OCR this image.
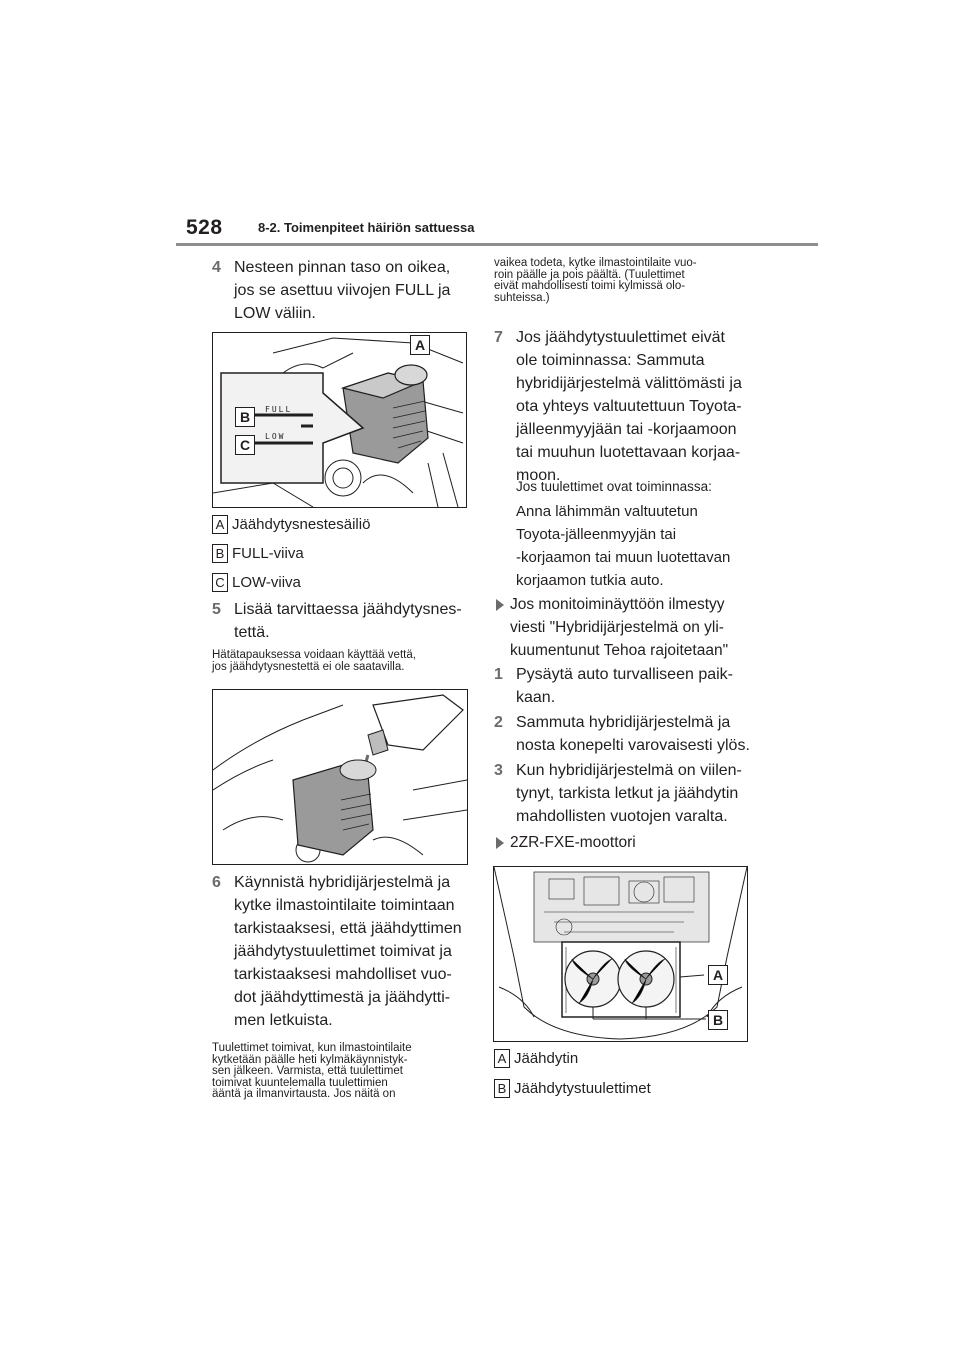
528	8-2. Toimenpiteet häiriön sattuessa
4 Nesteen pinnan taso on oikea,
jos se asettuu viivojen FULL ja
LOW väliin.
FULL
LOW
A
B
C
A Jäähdytysnestesäiliö
B FULL-viiva
C LOW-viiva
5 Lisää tarvittaessa jäähdytysnes-
tettä.
Hätätapauksessa voidaan käyttää vettä,
jos jäähdytysnestettä ei ole saatavilla.
6 Käynnistä hybridijärjestelmä ja
kytke ilmastointilaite toimintaan
tarkistaaksesi, että jäähdyttimen
jäähdytystuulettimet toimivat ja
tarkistaaksesi mahdolliset vuo-
dot jäähdyttimestä ja jäähdytti-
men letkuista.
Tuulettimet toimivat, kun ilmastointilaite
kytketään päälle heti kylmäkäynnistyk-
sen jälkeen. Varmista, että tuulettimet
toimivat kuuntelemalla tuulettimien
ääntä ja ilmanvirtausta. Jos näitä on
vaikea todeta, kytke ilmastointilaite vuo-
roin päälle ja pois päältä. (Tuulettimet
eivät mahdollisesti toimi kylmissä olo-
suhteissa.)
7 Jos jäähdytystuulettimet eivät
ole toiminnassa: Sammuta
hybridijärjestelmä välittömästi ja
ota yhteys valtuutettuun Toyota-
jälleenmyyjään tai -korjaamoon
tai muuhun luotettavaan korjaa-
moon.
Jos tuulettimet ovat toiminnassa:
Anna lähimmän valtuutetun
Toyota-jälleenmyyjän tai
-korjaamon tai muun luotettavan
korjaamon tutkia auto.
Jos monitoiminäyttöön ilmestyy
viesti "Hybridijärjestelmä on yli-
kuumentunut Tehoa rajoitetaan"
1 Pysäytä auto turvalliseen paik-
kaan.
2 Sammuta hybridijärjestelmä ja
nosta konepelti varovaisesti ylös.
3 Kun hybridijärjestelmä on viilen-
tynyt, tarkista letkut ja jäähdytin
mahdollisten vuotojen varalta.
2ZR-FXE-moottori
A
B
A Jäähdytin
B Jäähdytystuulettimet
